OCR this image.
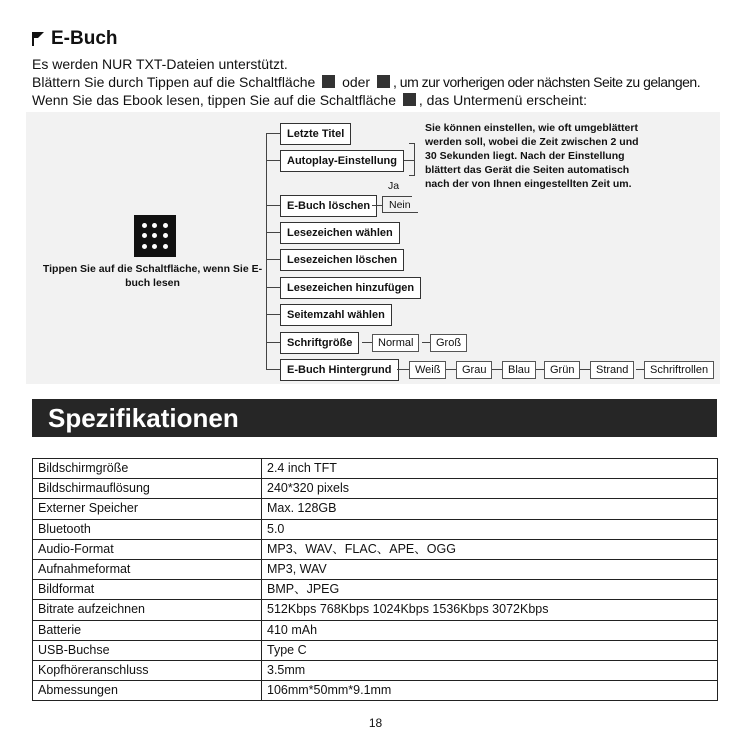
E-Buch
Es werden NUR TXT-Dateien unterstützt.
Blättern Sie durch Tippen auf die Schaltfläche oder , um zur vorherigen oder nächsten Seite zu gelangen.
Wenn Sie das Ebook lesen, tippen Sie auf die Schaltfläche , das Untermenü erscheint:
Tippen Sie auf die Schaltfläche, wenn Sie E-buch lesen
Letzte Titel
Autoplay-Einstellung
E-Buch löschen
Lesezeichen wählen
Lesezeichen löschen
Lesezeichen hinzufügen
Seitemzahl wählen
Schriftgröße
E-Buch Hintergrund
Sie können einstellen, wie oft umgeblättert werden soll, wobei die Zeit zwischen 2 und 30 Sekunden liegt. Nach der Einstellung blättert das Gerät die Seiten automatisch nach der von Ihnen eingestellten Zeit um.
Ja
Nein
Normal	Groß
Weiß	Grau	Blau	Grün	Strand	Schriftrollen
Spezifikationen
Bildschirmgröße	2.4 inch TFT
Bildschirmauflösung	240*320 pixels
Externer Speicher	Max. 128GB
Bluetooth	5.0
Audio-Format	MP3、WAV、FLAC、APE、OGG
Aufnahmeformat	MP3, WAV
Bildformat	BMP、JPEG
Bitrate aufzeichnen	512Kbps 768Kbps 1024Kbps 1536Kbps 3072Kbps
Batterie	410 mAh
USB-Buchse	Type C
Kopfhöreranschluss	3.5mm
Abmessungen	106mm*50mm*9.1mm
18
